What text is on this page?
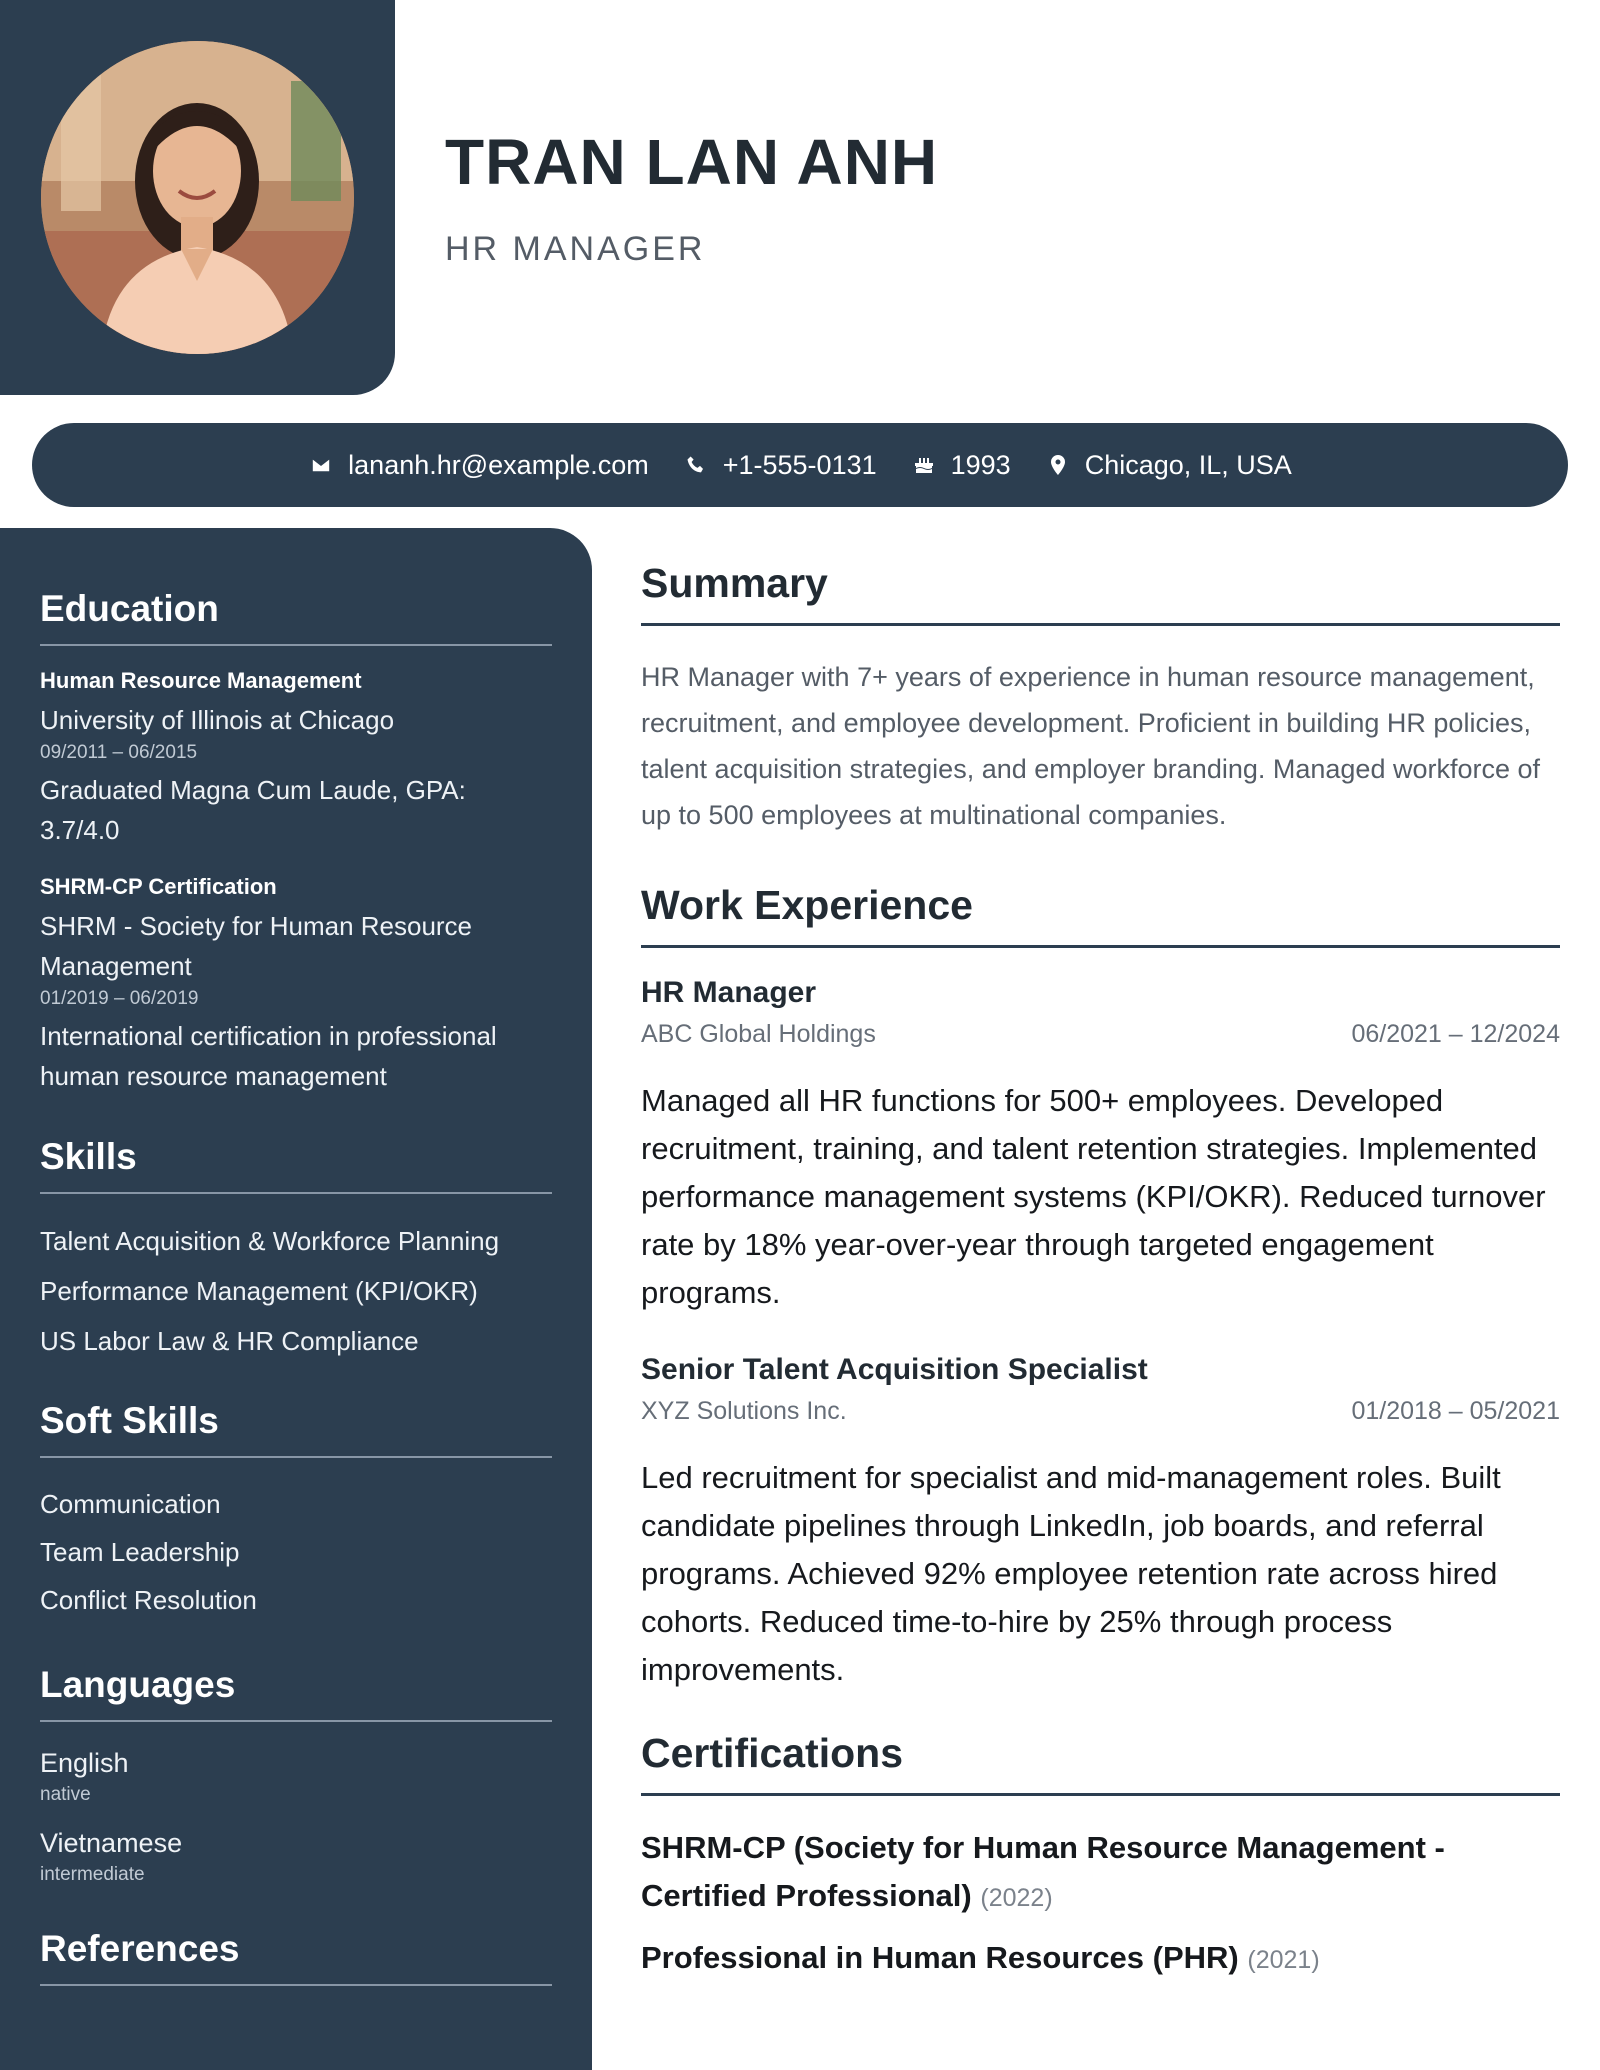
TRAN LAN ANH
HR MANAGER
lananh.hr@example.com	+1-555-0131	1993	Chicago, IL, USA
Education
Human Resource Management
University of Illinois at Chicago
09/2011 – 06/2015
Graduated Magna Cum Laude, GPA: 3.7/4.0
SHRM-CP Certification
SHRM - Society for Human Resource Management
01/2019 – 06/2019
International certification in professional human resource management
Skills
Talent Acquisition & Workforce Planning
Performance Management (KPI/OKR)
US Labor Law & HR Compliance
Soft Skills
Communication
Team Leadership
Conflict Resolution
Languages
English
native
Vietnamese
intermediate
References
Summary

HR Manager with 7+ years of experience in human resource management, recruitment, and employee development. Proficient in building HR policies, talent acquisition strategies, and employer branding. Managed workforce of up to 500 employees at multinational companies.

Work Experience
HR Manager
ABC Global Holdings	06/2021 – 12/2024

Managed all HR functions for 500+ employees. Developed recruitment, training, and talent retention strategies. Implemented performance management systems (KPI/OKR). Reduced turnover rate by 18% year-over-year through targeted engagement programs.

Senior Talent Acquisition Specialist
XYZ Solutions Inc.	01/2018 – 05/2021

Led recruitment for specialist and mid-management roles. Built candidate pipelines through LinkedIn, job boards, and referral programs. Achieved 92% employee retention rate across hired cohorts. Reduced time-to-hire by 25% through process improvements.

Certifications
SHRM-CP (Society for Human Resource Management - Certified Professional) (2022)
Professional in Human Resources (PHR) (2021)
